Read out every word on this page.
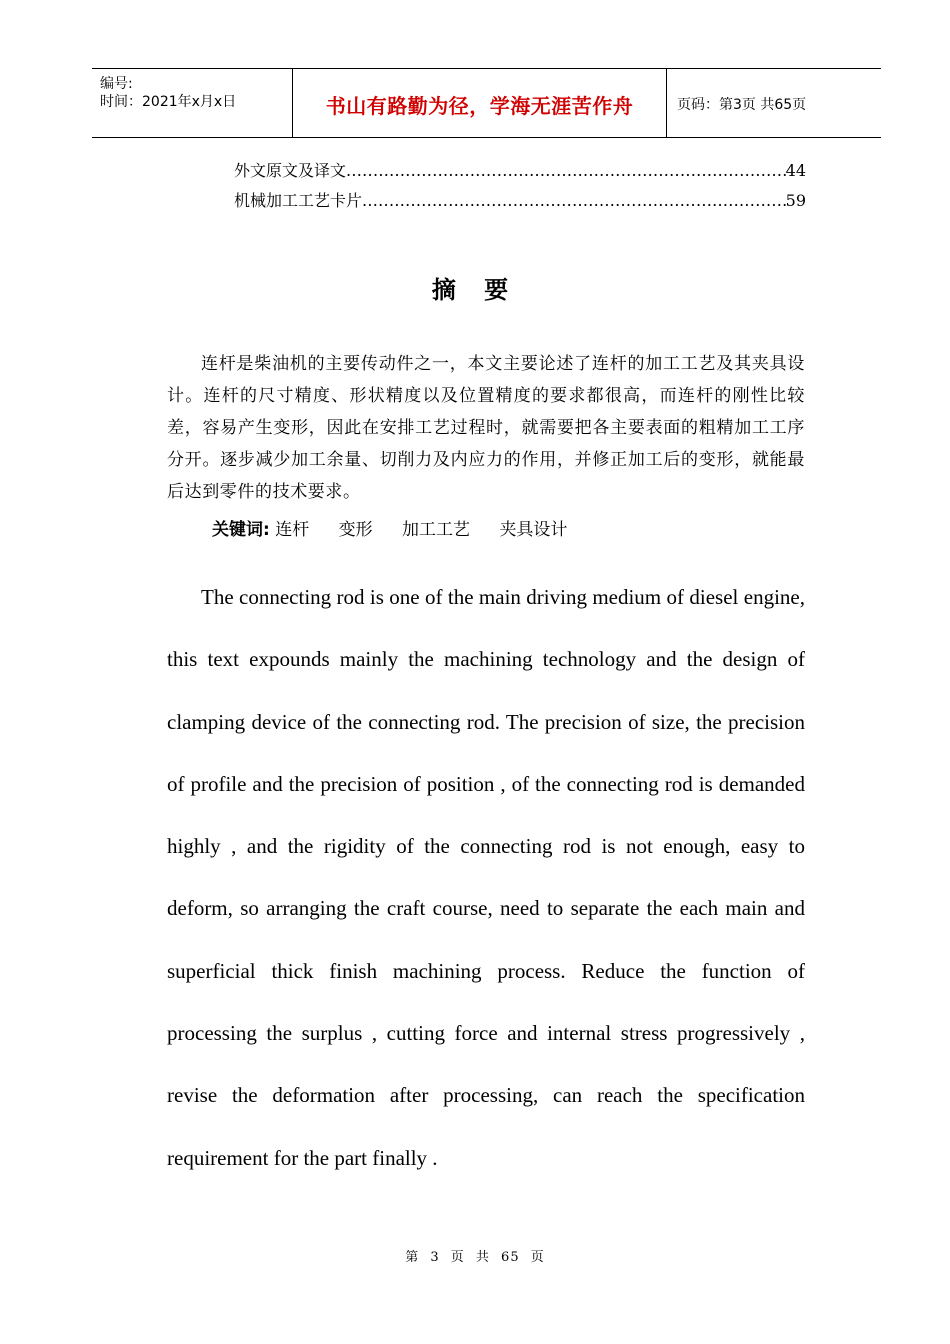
编号:
时间：2021年x月x日	书山有路勤为径，学海无涯苦作舟	页码：第3页 共65页
外文原文及译文 .....	44
机械加工工艺卡片 .....	59
摘 要
连杆是柴油机的主要传动件之一，本文主要论述了连杆的加工工艺及其夹具设计。连杆的尺寸精度、形状精度以及位置精度的要求都很高，而连杆的刚性比较差，容易产生变形，因此在安排工艺过程时，就需要把各主要表面的粗精加工工序分开。逐步减少加工余量、切削力及内应力的作用，并修正加工后的变形，就能最后达到零件的技术要求。
关键词: 连杆 变形 加工工艺 夹具设计
The connecting rod is one of the main driving medium of diesel engine, this text expounds mainly the machining technology and the design of clamping device of the connecting rod. The precision of size, the precision of profile and the precision of position , of the connecting rod is demanded highly , and the rigidity of the connecting rod is not enough, easy to deform, so arranging the craft course, need to separate the each main and superficial thick finish machining process. Reduce the function of processing the surplus , cutting force and internal stress progressively , revise the deformation after processing, can reach the specification requirement for the part finally .
第 3 页 共 65 页
